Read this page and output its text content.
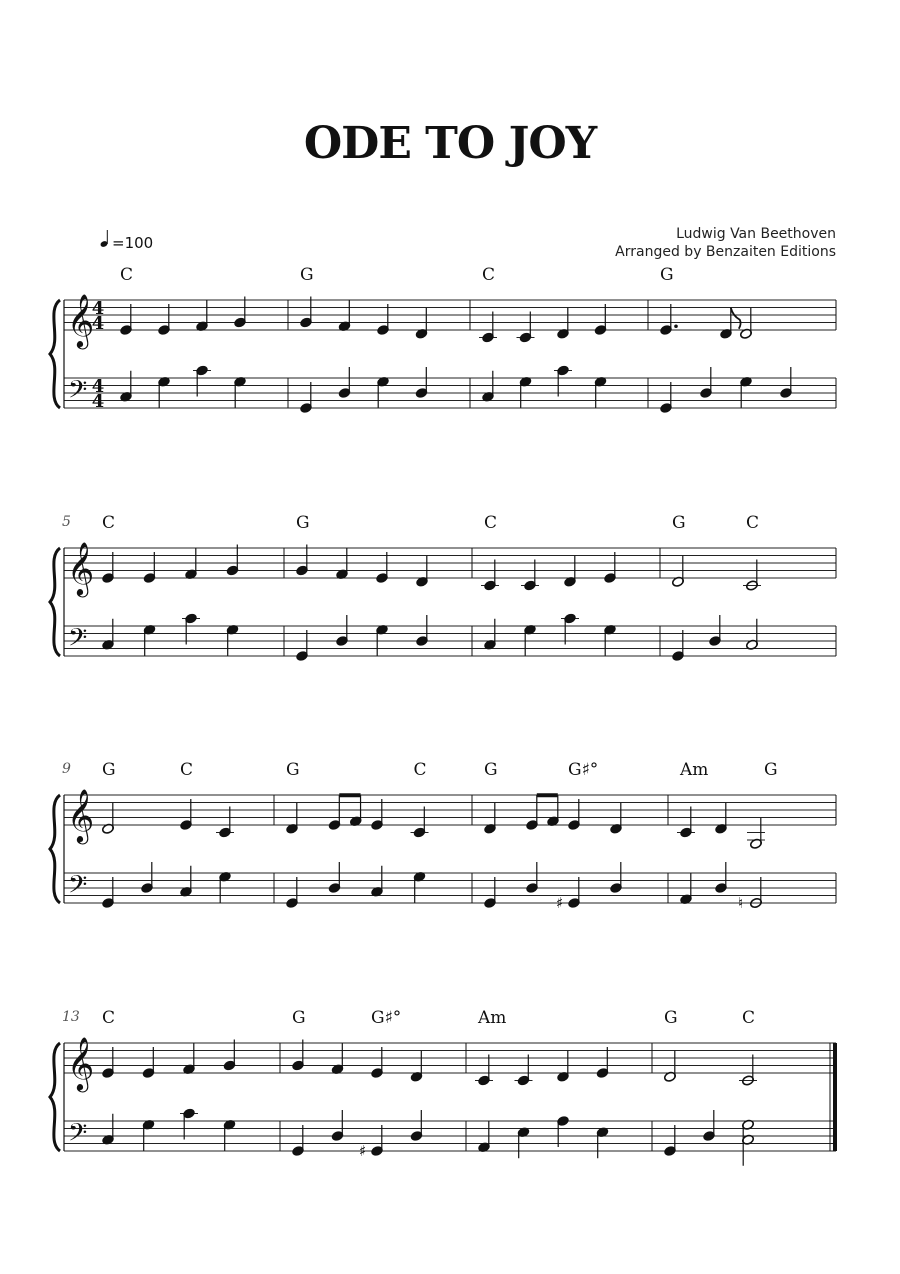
ODE TO JOY
Ludwig Van Beethoven
Arranged by Benzaiten Editions
𝄞
𝄢
4
4
4
4
=100
C	G	C	G
𝄞
𝄢
5 C	G	C	G	C
𝄞
𝄢
9
♯	♮
G	C	G	C	G	G♯°	Am	G
𝄞
𝄢
13
♯
C	G	G♯°	Am	G	C
